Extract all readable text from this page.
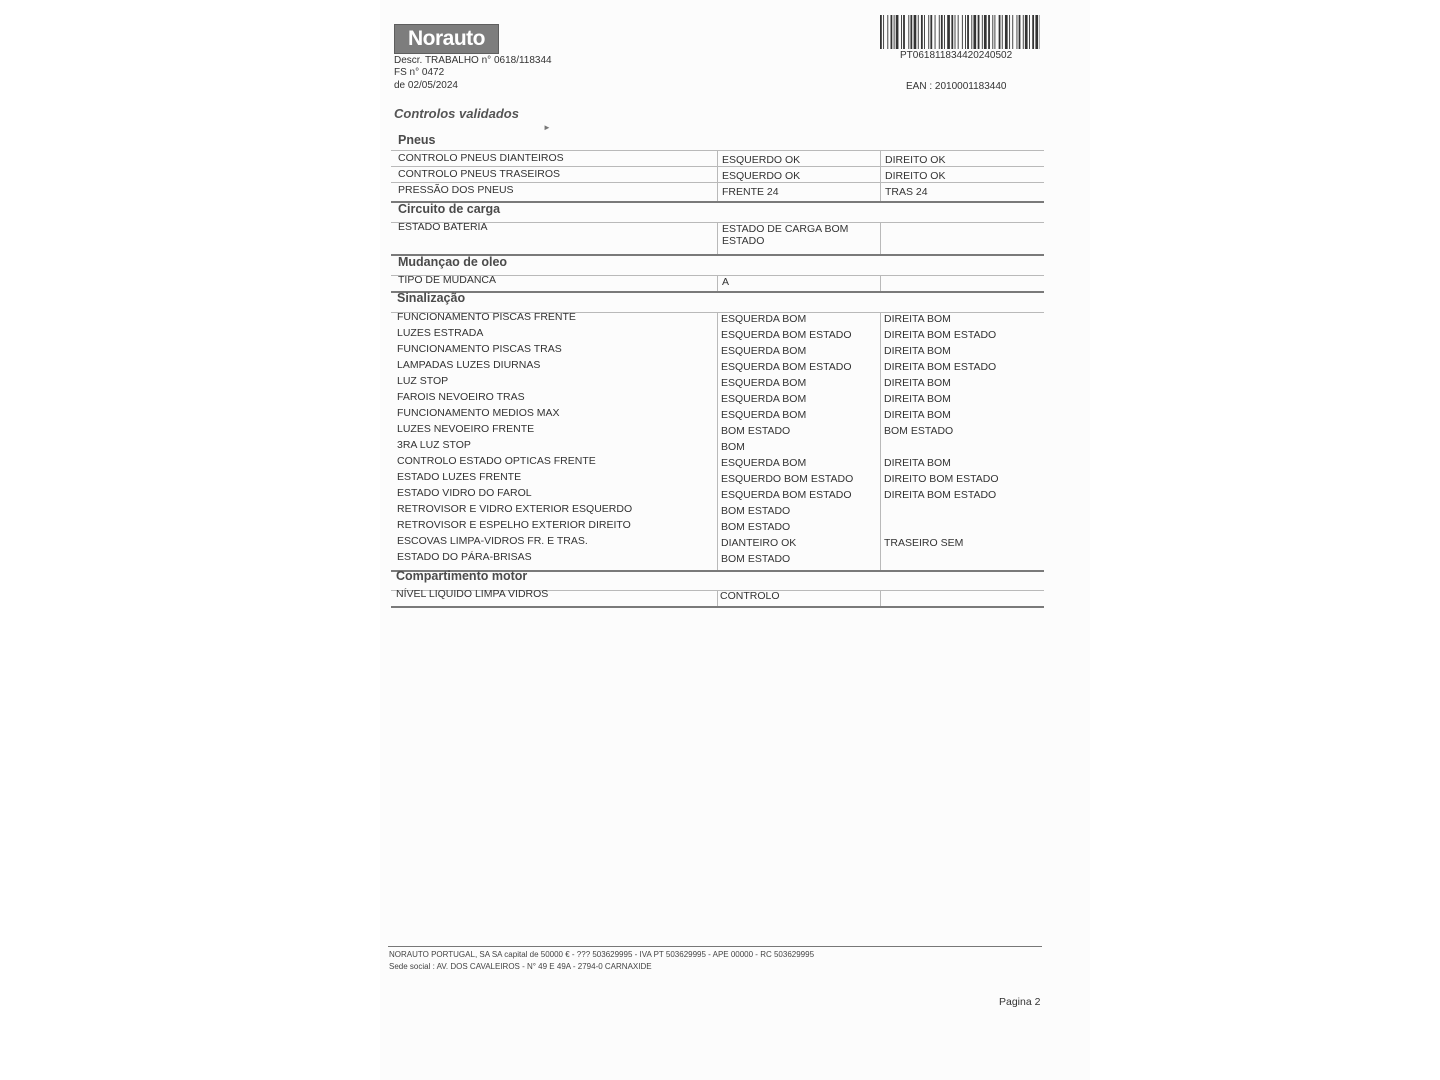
Norauto
Descr. TRABALHO n° 0618/118344
FS n° 0472
de 02/05/2024
PT061811834420240502
EAN : 2010001183440
Controlos validados
►
Pneus
CONTROLO PNEUS DIANTEIROS	ESQUERDO OK	DIREITO OK
CONTROLO PNEUS TRASEIROS	ESQUERDO OK	DIREITO OK
PRESSÃO DOS PNEUS	FRENTE 24	TRAS 24
Circuito de carga
ESTADO BATERIA	ESTADO DE CARGA BOM
ESTADO
Mudançao de oleo
TIPO DE MUDANCA	A
Sinalização
FUNCIONAMENTO PISCAS FRENTE	ESQUERDA BOM	DIREITA BOM
LUZES ESTRADA	ESQUERDA BOM ESTADO	DIREITA BOM ESTADO
FUNCIONAMENTO PISCAS TRAS	ESQUERDA BOM	DIREITA BOM
LAMPADAS LUZES DIURNAS	ESQUERDA BOM ESTADO	DIREITA BOM ESTADO
LUZ STOP	ESQUERDA BOM	DIREITA BOM
FAROIS NEVOEIRO TRAS	ESQUERDA BOM	DIREITA BOM
FUNCIONAMENTO MEDIOS MAX	ESQUERDA BOM	DIREITA BOM
LUZES NEVOEIRO FRENTE	BOM ESTADO	BOM ESTADO
3RA LUZ STOP	BOM
CONTROLO ESTADO OPTICAS FRENTE	ESQUERDA BOM	DIREITA BOM
ESTADO LUZES FRENTE	ESQUERDO BOM ESTADO	DIREITO BOM ESTADO
ESTADO VIDRO DO FAROL	ESQUERDA BOM ESTADO	DIREITA BOM ESTADO
RETROVISOR E VIDRO EXTERIOR ESQUERDO	BOM ESTADO
RETROVISOR E ESPELHO EXTERIOR DIREITO	BOM ESTADO
ESCOVAS LIMPA-VIDROS FR. E TRAS.	DIANTEIRO OK	TRASEIRO SEM
ESTADO DO PÁRA-BRISAS	BOM ESTADO
Compartimento motor
NÍVEL LIQUIDO LIMPA VIDROS	CONTROLO
NORAUTO PORTUGAL, SA SA capital de 50000 € - ??? 503629995 - IVA PT 503629995 - APE 00000 - RC 503629995
Sede social : AV. DOS CAVALEIROS - N° 49 E 49A - 2794-0 CARNAXIDE
Pagina 2
